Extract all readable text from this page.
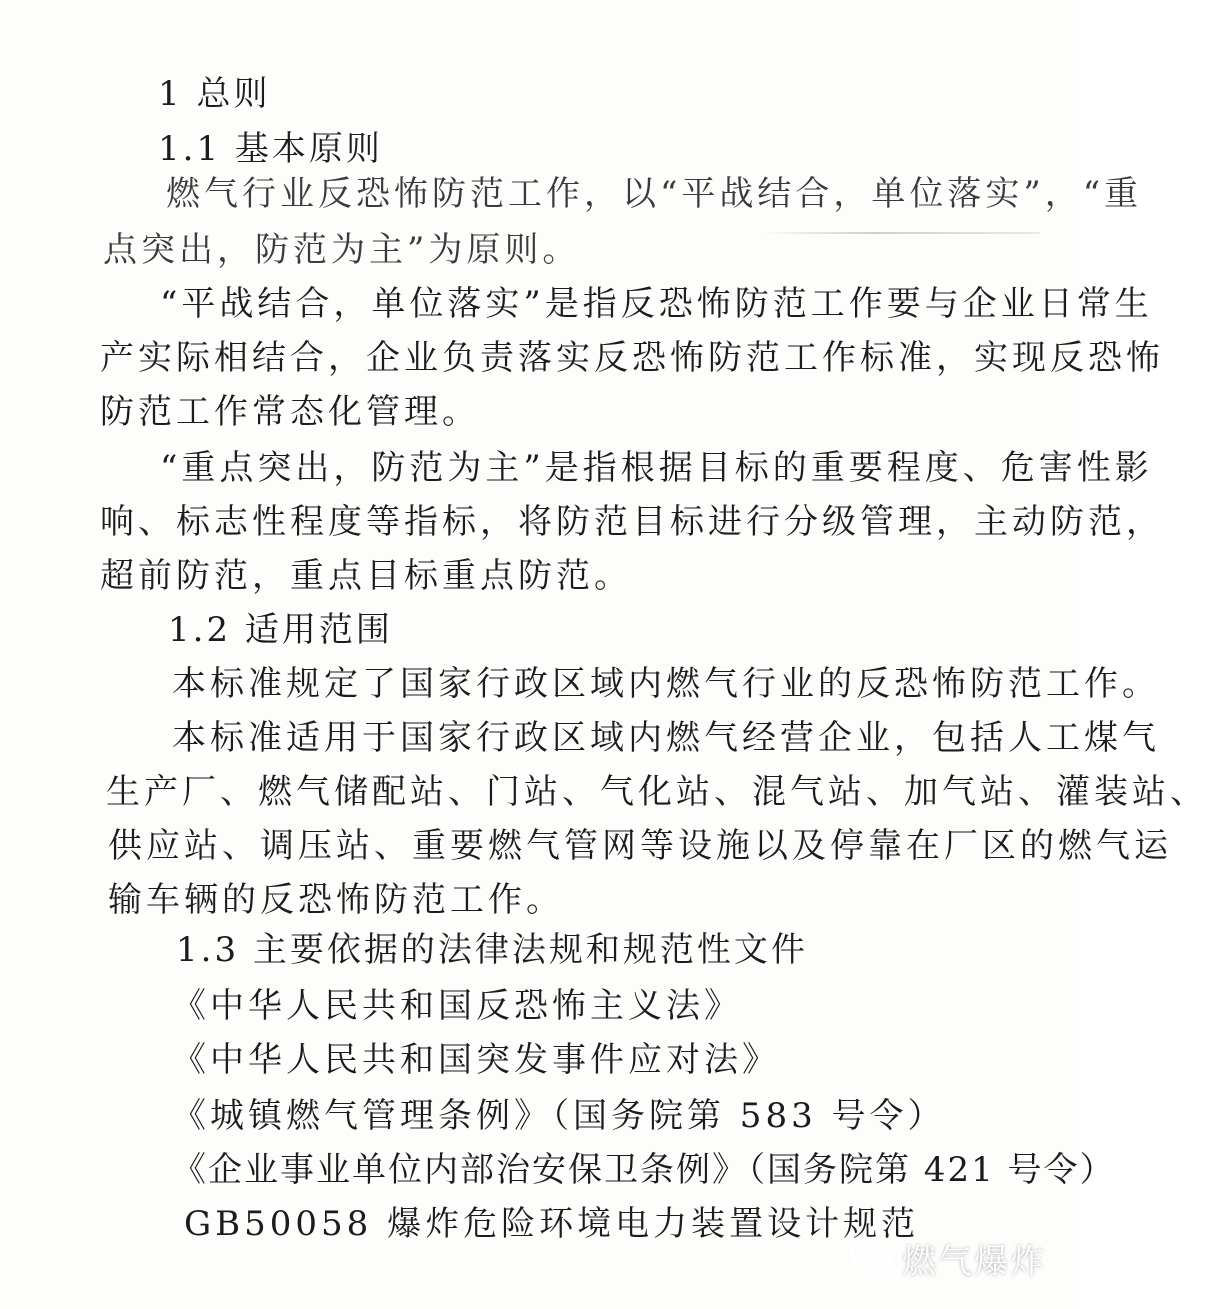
1 总则
1.1 基本原则
燃气行业反恐怖防范工作，以“平战结合，单位落实”，“重
点突出，防范为主”为原则。
“平战结合，单位落实”是指反恐怖防范工作要与企业日常生
产实际相结合，企业负责落实反恐怖防范工作标准，实现反恐怖
防范工作常态化管理。
“重点突出，防范为主”是指根据目标的重要程度、危害性影
响、标志性程度等指标，将防范目标进行分级管理，主动防范，
超前防范，重点目标重点防范。
1.2 适用范围
本标准规定了国家行政区域内燃气行业的反恐怖防范工作。
本标准适用于国家行政区域内燃气经营企业，包括人工煤气
生产厂、燃气储配站、门站、气化站、混气站、加气站、灌装站、
供应站、调压站、重要燃气管网等设施以及停靠在厂区的燃气运
输车辆的反恐怖防范工作。
1.3 主要依据的法律法规和规范性文件
《中华人民共和国反恐怖主义法》
《中华人民共和国突发事件应对法》
《城镇燃气管理条例》（国务院第 583 号令）
《企业事业单位内部治安保卫条例》（国务院第 421 号令）
GB50058 爆炸危险环境电力装置设计规范
燃气爆炸
